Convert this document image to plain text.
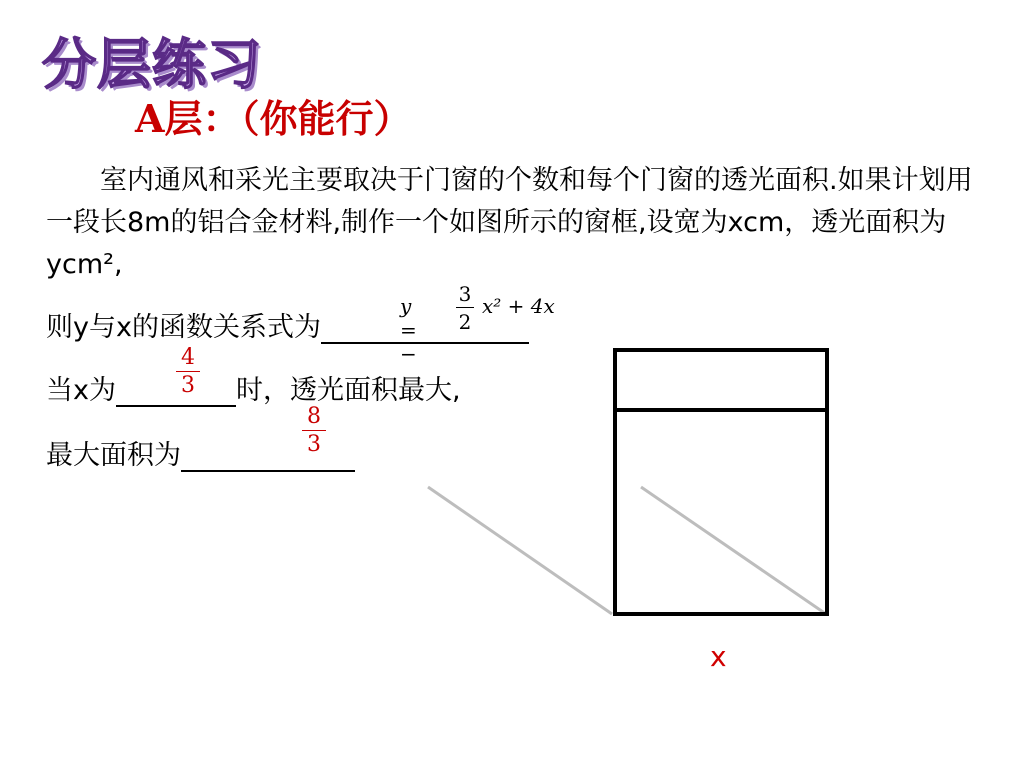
分层练习
A层：（你能行）

室内通风和采光主要取决于门窗的个数和每个门窗的透光面积.如果计划用一段长8m的铝合金材料,制作一个如图所示的窗框,设宽为xcm，透光面积为ycm²,

则y与x的函数关系式为
y = −
3
2
x² + 4x
当x为	时，透光面积最大,
4
3
最大面积为
8
3
x
